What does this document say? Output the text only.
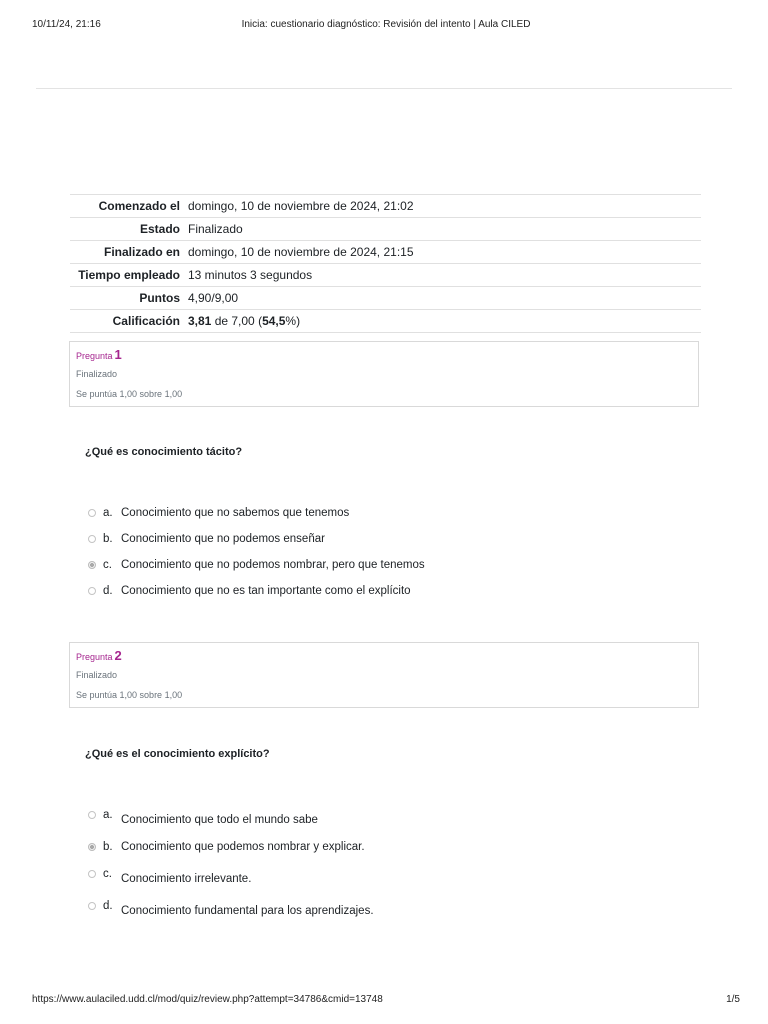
10/11/24, 21:16	Inicia: cuestionario diagnóstico: Revisión del intento | Aula CILED
Comenzado el	domingo, 10 de noviembre de 2024, 21:02
Estado	Finalizado
Finalizado en	domingo, 10 de noviembre de 2024, 21:15
Tiempo empleado	13 minutos 3 segundos
Puntos	4,90/9,00
Calificación	3,81 de 7,00 (54,5%)
Pregunta 1
Finalizado
Se puntúa 1,00 sobre 1,00
¿Qué es conocimiento tácito?
a. Conocimiento que no sabemos que tenemos
b. Conocimiento que no podemos enseñar
c. Conocimiento que no podemos nombrar, pero que tenemos
d. Conocimiento que no es tan importante como el explícito
Pregunta 2
Finalizado
Se puntúa 1,00 sobre 1,00
¿Qué es el conocimiento explícito?
a. Conocimiento que todo el mundo sabe
b. Conocimiento que podemos nombrar y explicar.
c. Conocimiento irrelevante.
d. Conocimiento fundamental para los aprendizajes.
https://www.aulaciled.udd.cl/mod/quiz/review.php?attempt=34786&cmid=13748	1/5
